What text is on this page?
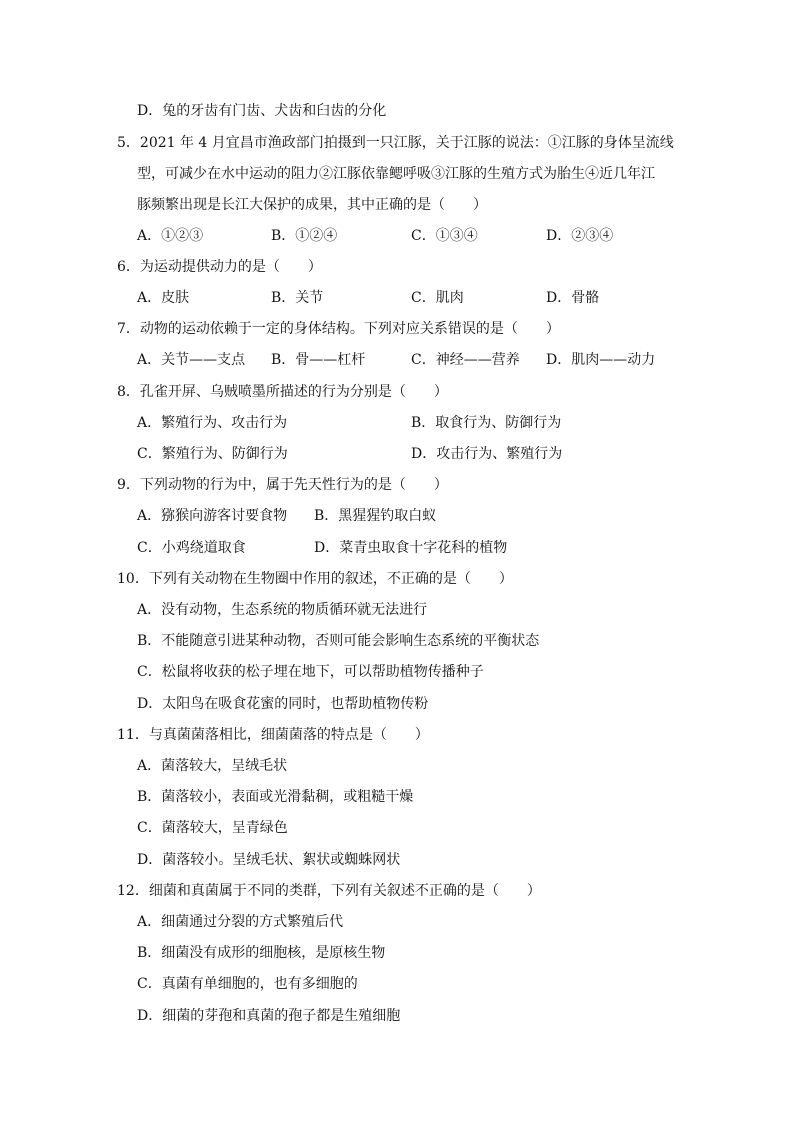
D．兔的牙齿有门齿、犬齿和臼齿的分化
5．2021 年 4 月宜昌市渔政部门拍摄到一只江豚，关于江豚的说法：①江豚的身体呈流线
型，可减少在水中运动的阻力②江豚依靠鳃呼吸③江豚的生殖方式为胎生④近几年江
豚频繁出现是长江大保护的成果，其中正确的是（　　）
A．①②③	B．①②④	C．①③④	D．②③④
6．为运动提供动力的是（　　）
A．皮肤	B．关节	C．肌肉	D．骨骼
7．动物的运动依赖于一定的身体结构。下列对应关系错误的是（　　）
A．关节——支点 B．骨——杠杆	C．神经——营养 D．肌肉——动力
8．孔雀开屏、乌贼喷墨所描述的行为分别是（　　）
A．繁殖行为、攻击行为	B．取食行为、防御行为
C．繁殖行为、防御行为	D．攻击行为、繁殖行为
9．下列动物的行为中，属于先天性行为的是（　　）
A．猕猴向游客讨要食物 B．黑猩猩钓取白蚁
C．小鸡绕道取食	D．菜青虫取食十字花科的植物
10．下列有关动物在生物圈中作用的叙述，不正确的是（　　）
A．没有动物，生态系统的物质循环就无法进行
B．不能随意引进某种动物，否则可能会影响生态系统的平衡状态
C．松鼠将收获的松子埋在地下，可以帮助植物传播种子
D．太阳鸟在吸食花蜜的同时，也帮助植物传粉
11．与真菌菌落相比，细菌菌落的特点是（　　）
A．菌落较大，呈绒毛状
B．菌落较小，表面或光滑黏稠，或粗糙干燥
C．菌落较大，呈青绿色
D．菌落较小。呈绒毛状、絮状或蜘蛛网状
12．细菌和真菌属于不同的类群，下列有关叙述不正确的是（　　）
A．细菌通过分裂的方式繁殖后代
B．细菌没有成形的细胞核，是原核生物
C．真菌有单细胞的，也有多细胞的
D．细菌的芽孢和真菌的孢子都是生殖细胞
